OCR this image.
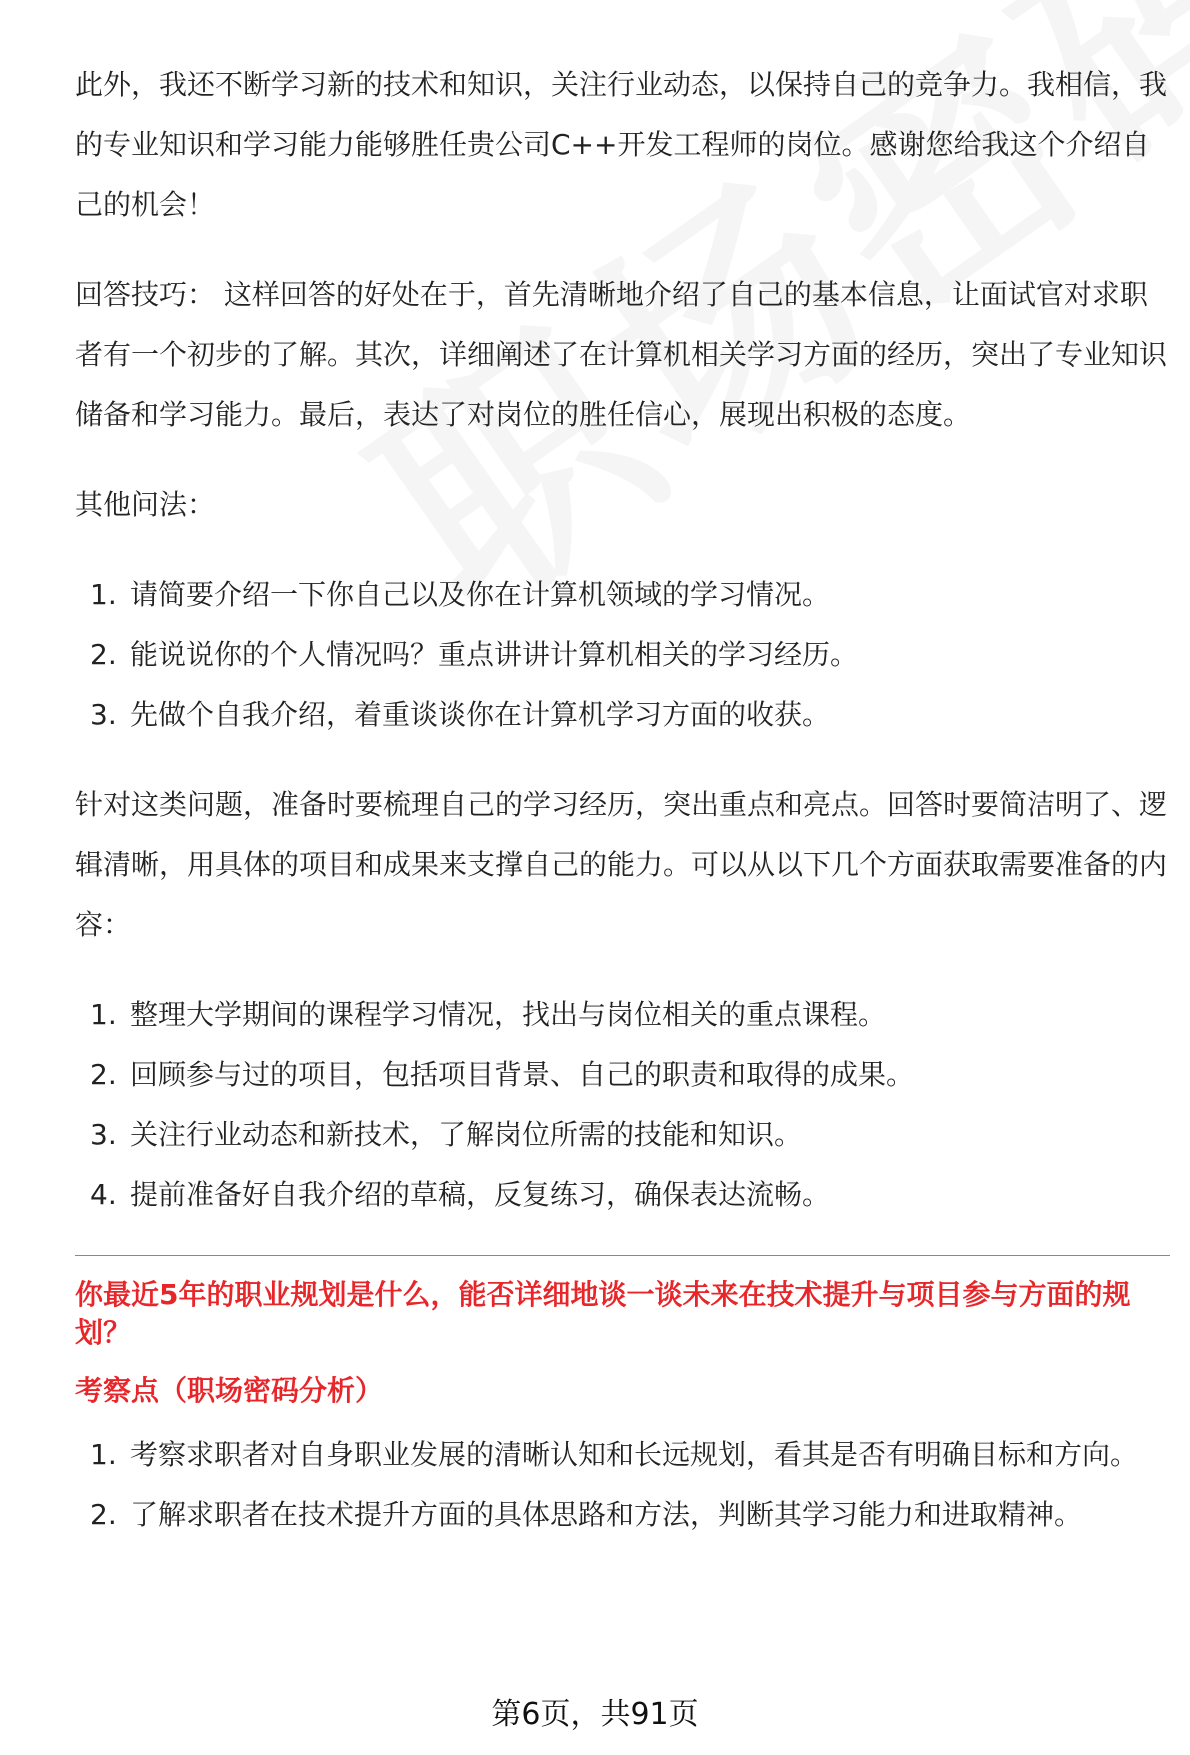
此外，我还不断学习新的技术和知识，关注行业动态，以保持自己的竞争力。我相信，我的专业知识和学习能力能够胜任贵公司C++开发工程师的岗位。感谢您给我这个介绍自己的机会！

回答技巧： 这样回答的好处在于，首先清晰地介绍了自己的基本信息，让面试官对求职者有一个初步的了解。其次，详细阐述了在计算机相关学习方面的经历，突出了专业知识储备和学习能力。最后，表达了对岗位的胜任信心，展现出积极的态度。

其他问法：

1. 请简要介绍一下你自己以及你在计算机领域的学习情况。
2. 能说说你的个人情况吗？重点讲讲计算机相关的学习经历。
3. 先做个自我介绍，着重谈谈你在计算机学习方面的收获。

针对这类问题，准备时要梳理自己的学习经历，突出重点和亮点。回答时要简洁明了、逻辑清晰，用具体的项目和成果来支撑自己的能力。可以从以下几个方面获取需要准备的内容：

1. 整理大学期间的课程学习情况，找出与岗位相关的重点课程。
2. 回顾参与过的项目，包括项目背景、自己的职责和取得的成果。
3. 关注行业动态和新技术，了解岗位所需的技能和知识。
4. 提前准备好自我介绍的草稿，反复练习，确保表达流畅。

你最近5年的职业规划是什么，能否详细地谈一谈未来在技术提升与项目参与方面的规划？

考察点（职场密码分析）

1. 考察求职者对自身职业发展的清晰认知和长远规划，看其是否有明确目标和方向。
2. 了解求职者在技术提升方面的具体思路和方法，判断其学习能力和进取精神。
第6页，共91页
